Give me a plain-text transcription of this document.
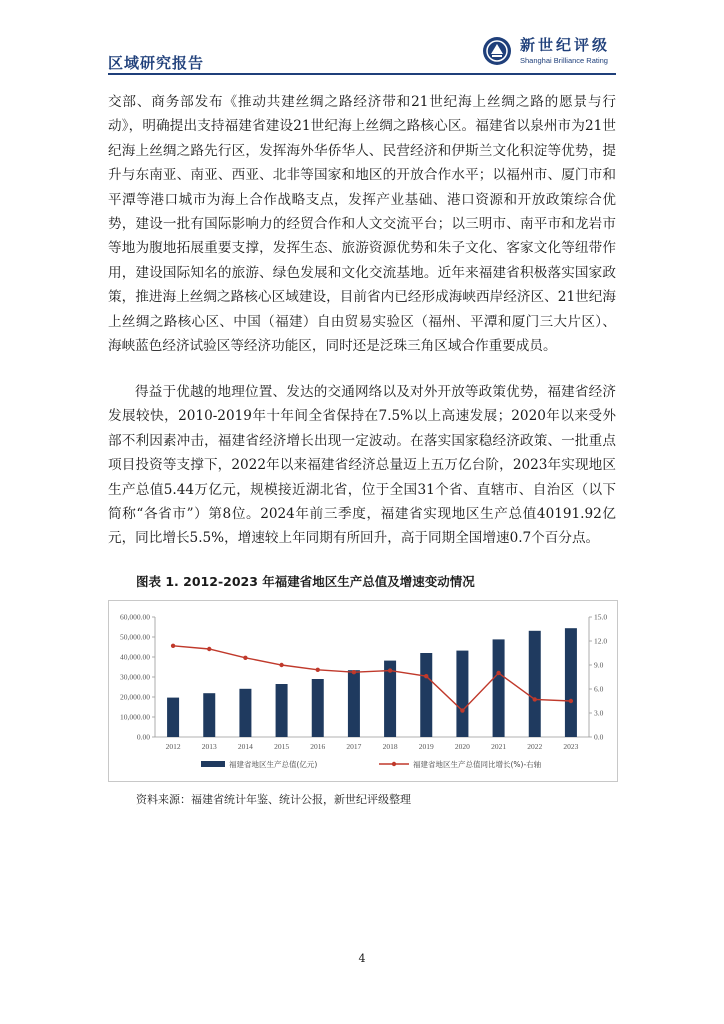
新世纪评级
Shanghai Brilliance Rating
区域研究报告

交部、商务部发布《推动共建丝绸之路经济带和21世纪海上丝绸之路的愿景与行动》，明确提出支持福建省建设21世纪海上丝绸之路核心区。福建省以泉州市为21世纪海上丝绸之路先行区，发挥海外华侨华人、民营经济和伊斯兰文化积淀等优势，提升与东南亚、南亚、西亚、北非等国家和地区的开放合作水平；以福州市、厦门市和平潭等港口城市为海上合作战略支点，发挥产业基础、港口资源和开放政策综合优势，建设一批有国际影响力的经贸合作和人文交流平台；以三明市、南平市和龙岩市等地为腹地拓展重要支撑，发挥生态、旅游资源优势和朱子文化、客家文化等纽带作用，建设国际知名的旅游、绿色发展和文化交流基地。近年来福建省积极落实国家政策，推进海上丝绸之路核心区域建设，目前省内已经形成海峡西岸经济区、21世纪海上丝绸之路核心区、中国（福建）自由贸易实验区（福州、平潭和厦门三大片区）、海峡蓝色经济试验区等经济功能区，同时还是泛珠三角区域合作重要成员。

得益于优越的地理位置、发达的交通网络以及对外开放等政策优势，福建省经济发展较快，2010-2019年十年间全省保持在7.5%以上高速发展；2020年以来受外部不利因素冲击，福建省经济增长出现一定波动。在落实国家稳经济政策、一批重点项目投资等支撑下，2022年以来福建省经济总量迈上五万亿台阶，2023年实现地区生产总值5.44万亿元，规模接近湖北省，位于全国31个省、直辖市、自治区（以下简称“各省市”）第8位。2024年前三季度，福建省实现地区生产总值40191.92亿元，同比增长5.5%，增速较上年同期有所回升，高于同期全国增速0.7个百分点。

图表 1. 2012-2023 年福建省地区生产总值及增速变动情况
0.00
10,000.00
20,000.00
30,000.00
40,000.00
50,000.00
60,000.00
0.0
3.0
6.0
9.0
12.0
15.0
2012	2013	2014	2015	2016	2017	2018	2019	2020	2021	2022	2023
福建省地区生产总值(亿元)	福建省地区生产总值同比增长(%)-右轴
资料来源：福建省统计年鉴、统计公报，新世纪评级整理
4
